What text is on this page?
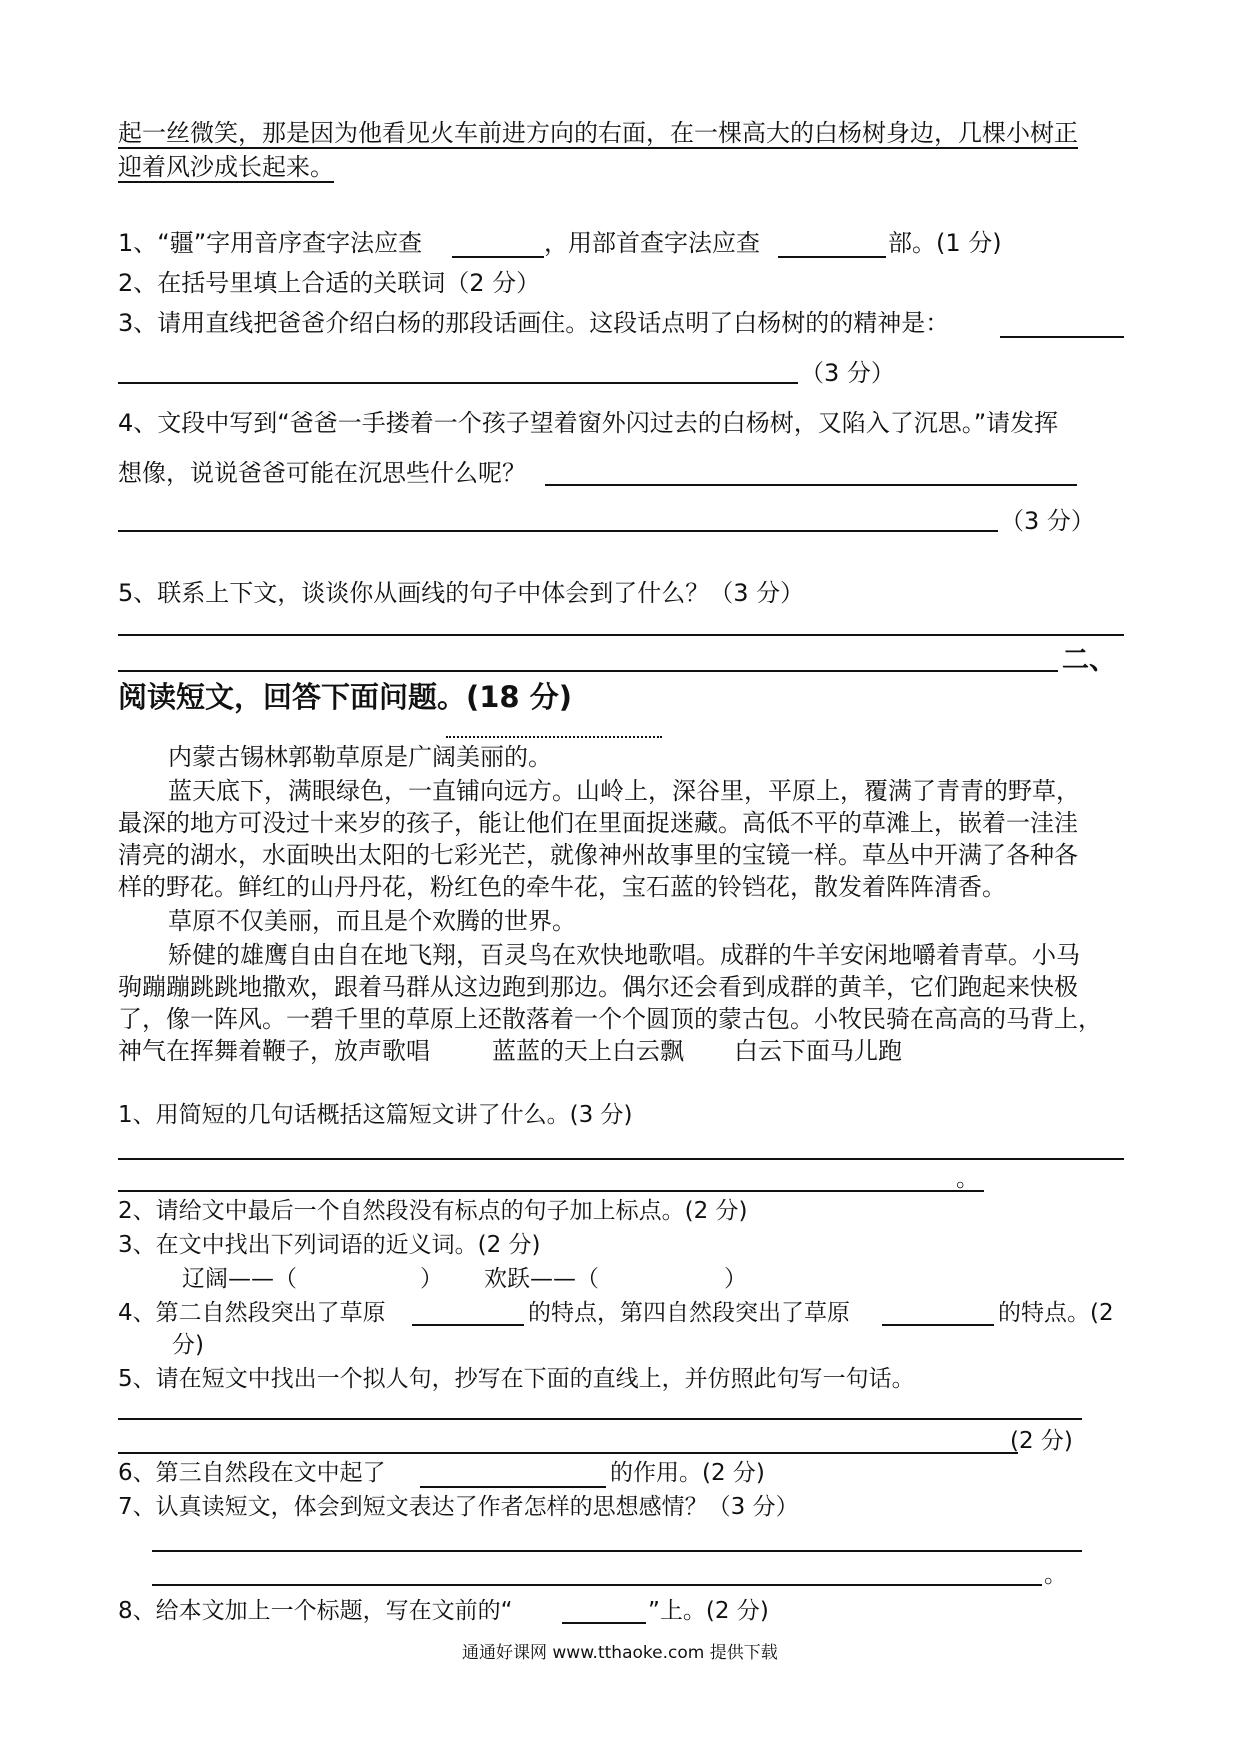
起一丝微笑，那是因为他看见火车前进方向的右面，在一棵高大的白杨树身边，几棵小树正
迎着风沙成长起来。
1、“疆”字用音序查字法应查	，用部首查字法应查	部。(1 分)
2、在括号里填上合适的关联词（2 分）
3、请用直线把爸爸介绍白杨的那段话画住。这段话点明了白杨树的的精神是：
（3 分）
4、文段中写到“爸爸一手搂着一个孩子望着窗外闪过去的白杨树，又陷入了沉思。”请发挥
想像，说说爸爸可能在沉思些什么呢？
（3 分）
5、联系上下文，谈谈你从画线的句子中体会到了什么？（3 分）
二、
阅读短文，回答下面问题。(18 分)
内蒙古锡林郭勒草原是广阔美丽的。
蓝天底下，满眼绿色，一直铺向远方。山岭上，深谷里，平原上，覆满了青青的野草，
最深的地方可没过十来岁的孩子，能让他们在里面捉迷藏。高低不平的草滩上，嵌着一洼洼
清亮的湖水，水面映出太阳的七彩光芒，就像神州故事里的宝镜一样。草丛中开满了各种各
样的野花。鲜红的山丹丹花，粉红色的牵牛花，宝石蓝的铃铛花，散发着阵阵清香。
草原不仅美丽，而且是个欢腾的世界。
矫健的雄鹰自由自在地飞翔，百灵鸟在欢快地歌唱。成群的牛羊安闲地嚼着青草。小马
驹蹦蹦跳跳地撒欢，跟着马群从这边跑到那边。偶尔还会看到成群的黄羊，它们跑起来快极
了，像一阵风。一碧千里的草原上还散落着一个个圆顶的蒙古包。小牧民骑在高高的马背上，
神气在挥舞着鞭子，放声歌唱	蓝蓝的天上白云飘 白云下面马儿跑
1、用简短的几句话概括这篇短文讲了什么。(3 分)
。
2、请给文中最后一个自然段没有标点的句子加上标点。(2 分)
3、在文中找出下列词语的近义词。(2 分)
辽阔——（	） 欢跃——（	）
4、第二自然段突出了草原	的特点，第四自然段突出了草原	的特点。(2
分)
5、请在短文中找出一个拟人句，抄写在下面的直线上，并仿照此句写一句话。
(2 分)
6、第三自然段在文中起了	的作用。(2 分)
7、认真读短文，体会到短文表达了作者怎样的思想感情？（3 分）
。
8、给本文加上一个标题，写在文前的“	”上。(2 分)
通通好课网 www.tthaoke.com 提供下载
